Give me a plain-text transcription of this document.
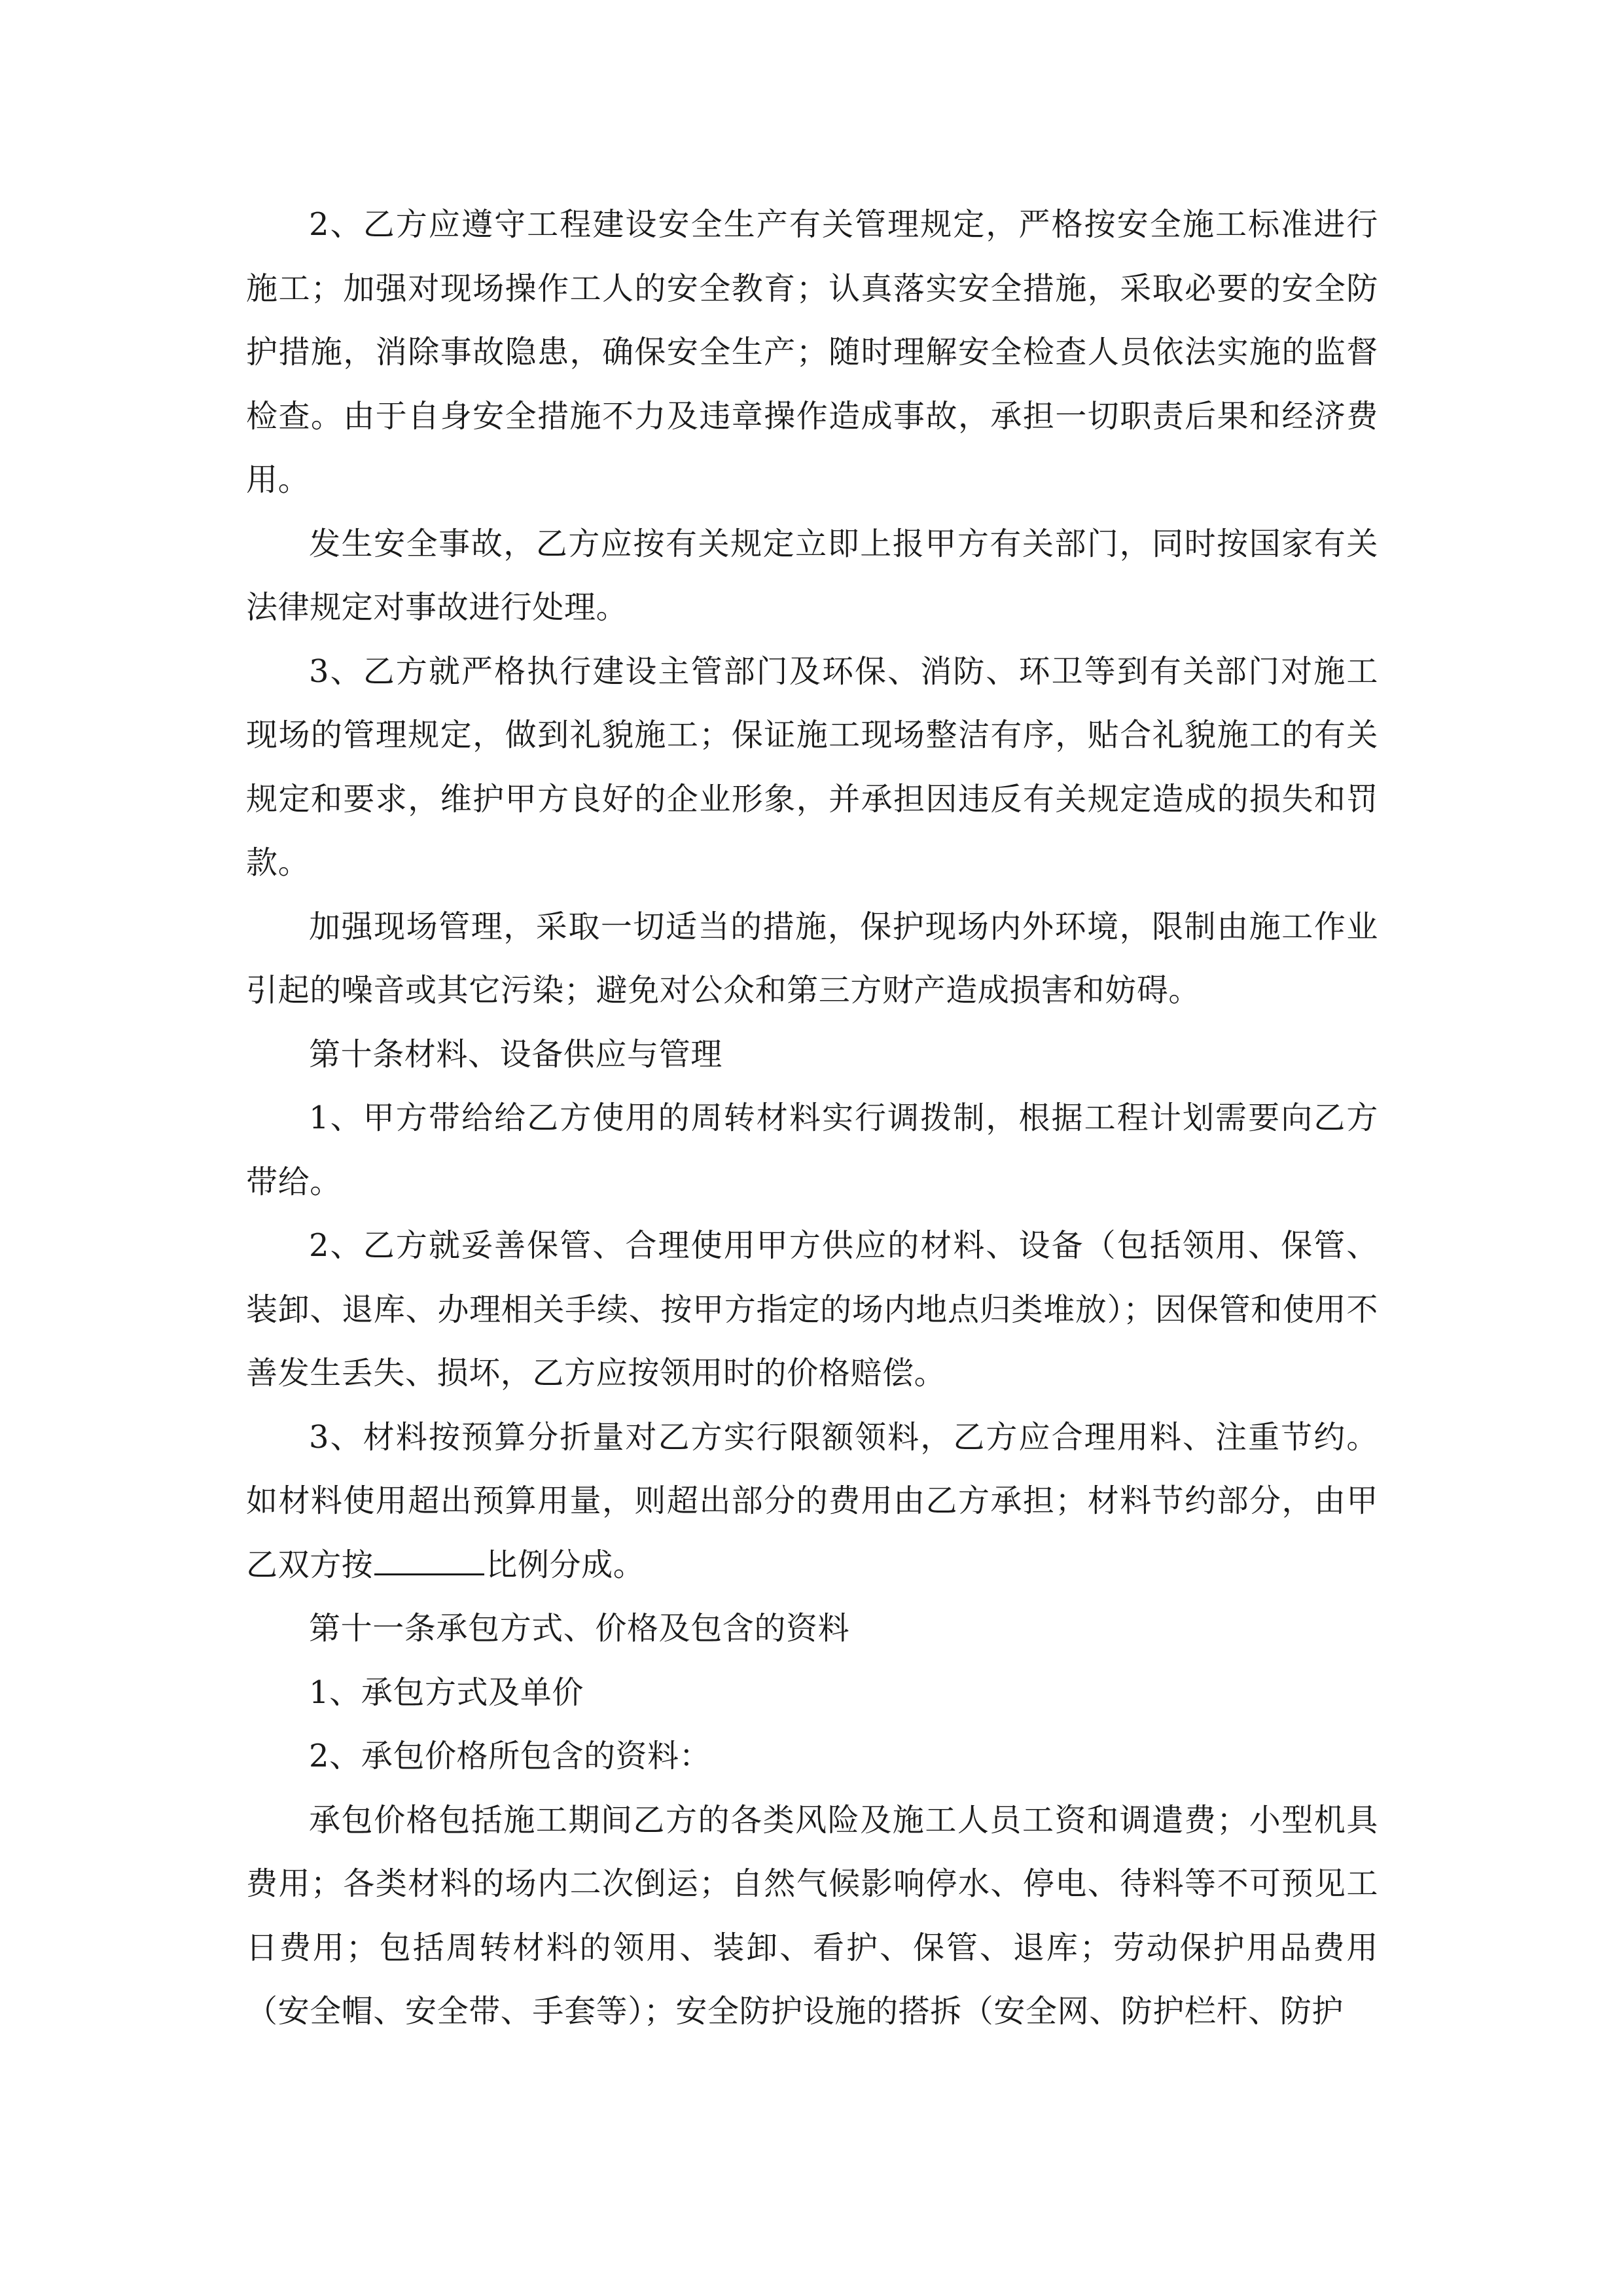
2、乙方应遵守工程建设安全生产有关管理规定，严格按安全施工标准进行施工；加强对现场操作工人的安全教育；认真落实安全措施，采取必要的安全防护措施，消除事故隐患，确保安全生产；随时理解安全检查人员依法实施的监督检查。由于自身安全措施不力及违章操作造成事故，承担一切职责后果和经济费用。

发生安全事故，乙方应按有关规定立即上报甲方有关部门，同时按国家有关法律规定对事故进行处理。

3、乙方就严格执行建设主管部门及环保、消防、环卫等到有关部门对施工现场的管理规定，做到礼貌施工；保证施工现场整洁有序，贴合礼貌施工的有关规定和要求，维护甲方良好的企业形象，并承担因违反有关规定造成的损失和罚款。

加强现场管理，采取一切适当的措施，保护现场内外环境，限制由施工作业引起的噪音或其它污染；避免对公众和第三方财产造成损害和妨碍。

第十条材料、设备供应与管理

1、甲方带给给乙方使用的周转材料实行调拨制，根据工程计划需要向乙方带给。

2、乙方就妥善保管、合理使用甲方供应的材料、设备（包括领用、保管、装卸、退库、办理相关手续、按甲方指定的场内地点归类堆放）；因保管和使用不善发生丢失、损坏，乙方应按领用时的价格赔偿。

3、材料按预算分折量对乙方实行限额领料，乙方应合理用料、注重节约。如材料使用超出预算用量，则超出部分的费用由乙方承担；材料节约部分，由甲乙双方按	比例分成。

第十一条承包方式、价格及包含的资料

1、承包方式及单价

2、承包价格所包含的资料：

承包价格包括施工期间乙方的各类风险及施工人员工资和调遣费；小型机具费用；各类材料的场内二次倒运；自然气候影响停水、停电、待料等不可预见工日费用；包括周转材料的领用、装卸、看护、保管、退库；劳动保护用品费用（安全帽、安全带、手套等）；安全防护设施的搭拆（安全网、防护栏杆、防护
